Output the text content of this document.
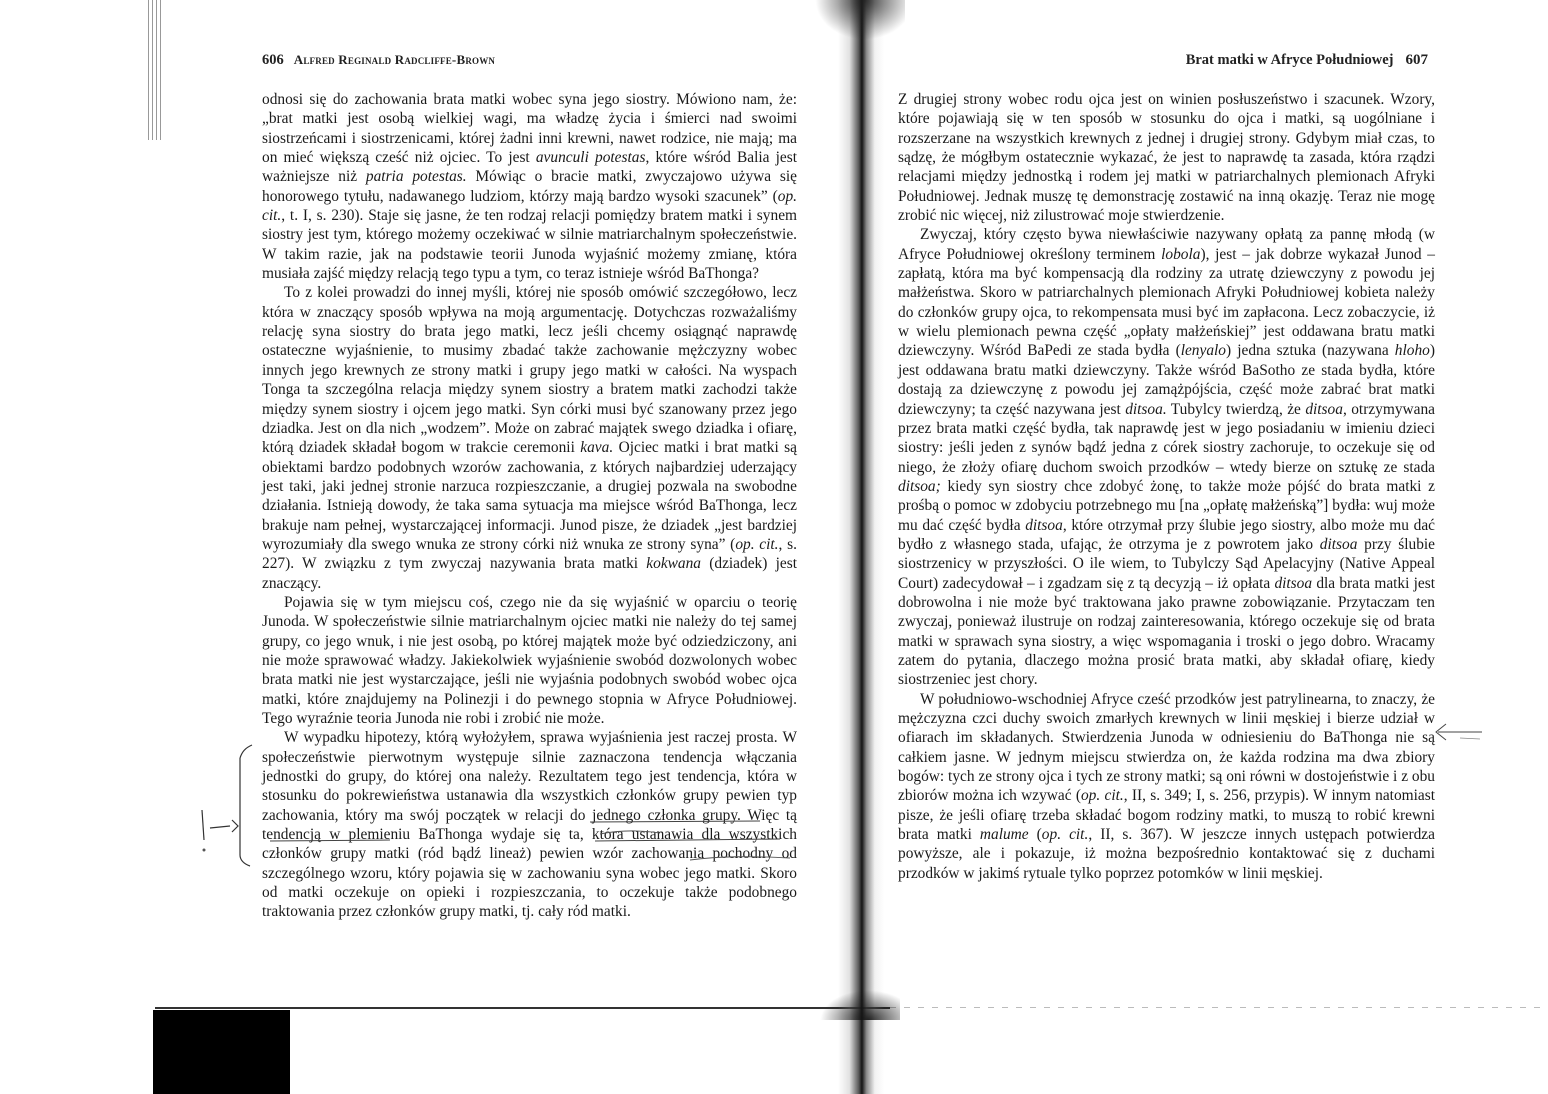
606 Alfred Reginald Radcliffe-Brown

odnosi się do zachowania brata matki wobec syna jego siostry. Mówiono nam, że: „brat matki jest osobą wielkiej wagi, ma władzę życia i śmierci nad swoimi siostrzeńcami i siostrzenicami, której żadni inni krewni, nawet rodzice, nie mają; ma on mieć większą cześć niż ojciec. To jest avunculi potestas, które wśród Balia jest ważniejsze niż patria potestas. Mówiąc o bracie matki, zwyczajowo używa się honorowego tytułu, nadawanego ludziom, którzy mają bardzo wysoki szacunek” (op. cit., t. I, s. 230). Staje się jasne, że ten rodzaj relacji pomiędzy bratem matki i synem siostry jest tym, którego możemy oczekiwać w silnie matriarchalnym społeczeństwie. W takim razie, jak na podstawie teorii Junoda wyjaśnić możemy zmianę, która musiała zajść między relacją tego typu a tym, co teraz istnieje wśród BaThonga?

To z kolei prowadzi do innej myśli, której nie sposób omówić szczegółowo, lecz która w znaczący sposób wpływa na moją argumentację. Dotychczas rozważaliśmy relację syna siostry do brata jego matki, lecz jeśli chcemy osiągnąć naprawdę ostateczne wyjaśnienie, to musimy zbadać także zachowanie mężczyzny wobec innych jego krewnych ze strony matki i grupy jego matki w całości. Na wyspach Tonga ta szczególna relacja między synem siostry a bratem matki zachodzi także między synem siostry i ojcem jego matki. Syn córki musi być szanowany przez jego dziadka. Jest on dla nich „wodzem”. Może on zabrać majątek swego dziadka i ofiarę, którą dziadek składał bogom w trakcie ceremonii kava. Ojciec matki i brat matki są obiektami bardzo podobnych wzorów zachowania, z których najbardziej uderzający jest taki, jaki jednej stronie narzuca rozpieszczanie, a drugiej pozwala na swobodne działania. Istnieją dowody, że taka sama sytuacja ma miejsce wśród BaThonga, lecz brakuje nam pełnej, wystarczającej informacji. Junod pisze, że dziadek „jest bardziej wyrozumiały dla swego wnuka ze strony córki niż wnuka ze strony syna” (op. cit., s. 227). W związku z tym zwyczaj nazywania brata matki kokwana (dziadek) jest znaczący.

Pojawia się w tym miejscu coś, czego nie da się wyjaśnić w oparciu o teorię Junoda. W społeczeństwie silnie matriarchalnym ojciec matki nie należy do tej samej grupy, co jego wnuk, i nie jest osobą, po której majątek może być odziedziczony, ani nie może sprawować władzy. Jakiekolwiek wyjaśnienie swobód dozwolonych wobec brata matki nie jest wystarczające, jeśli nie wyjaśnia podobnych swobód wobec ojca matki, które znajdujemy na Polinezji i do pewnego stopnia w Afryce Południowej. Tego wyraźnie teoria Junoda nie robi i zrobić nie może.

W wypadku hipotezy, którą wyłożyłem, sprawa wyjaśnienia jest raczej prosta. W społeczeństwie pierwotnym występuje silnie zaznaczona tendencja włączania jednostki do grupy, do której ona należy. Rezultatem tego jest tendencja, która w stosunku do pokrewieństwa ustanawia dla wszystkich członków grupy pewien typ zachowania, który ma swój początek w relacji do jednego członka grupy. Więc tą tendencją w plemieniu BaThonga wydaje się ta, która ustanawia dla wszystkich członków grupy matki (ród bądź lineaż) pewien wzór zachowania pochodny od szczególnego wzoru, który pojawia się w zachowaniu syna wobec jego matki. Skoro od matki oczekuje on opieki i rozpieszczania, to oczekuje także podobnego traktowania przez członków grupy matki, tj. cały ród matki.

Brat matki w Afryce Południowej 607

Z drugiej strony wobec rodu ojca jest on winien posłuszeństwo i szacunek. Wzory, które pojawiają się w ten sposób w stosunku do ojca i matki, są uogólniane i rozszerzane na wszystkich krewnych z jednej i drugiej strony. Gdybym miał czas, to sądzę, że mógłbym ostatecznie wykazać, że jest to naprawdę ta zasada, która rządzi relacjami między jednostką i rodem jej matki w patriarchalnych plemionach Afryki Południowej. Jednak muszę tę demonstrację zostawić na inną okazję. Teraz nie mogę zrobić nic więcej, niż zilustrować moje stwierdzenie.

Zwyczaj, który często bywa niewłaściwie nazywany opłatą za pannę młodą (w Afryce Południowej określony terminem lobola), jest – jak dobrze wykazał Junod – zapłatą, która ma być kompensacją dla rodziny za utratę dziewczyny z powodu jej małżeństwa. Skoro w patriarchalnych plemionach Afryki Południowej kobieta należy do członków grupy ojca, to rekompensata musi być im zapłacona. Lecz zobaczycie, iż w wielu plemionach pewna część „opłaty małżeńskiej” jest oddawana bratu matki dziewczyny. Wśród BaPedi ze stada bydła (lenyalo) jedna sztuka (nazywana hloho) jest oddawana bratu matki dziewczyny. Także wśród BaSotho ze stada bydła, które dostają za dziewczynę z powodu jej zamążpójścia, część może zabrać brat matki dziewczyny; ta część nazywana jest ditsoa. Tubylcy twierdzą, że ditsoa, otrzymywana przez brata matki część bydła, tak naprawdę jest w jego posiadaniu w imieniu dzieci siostry: jeśli jeden z synów bądź jedna z córek siostry zachoruje, to oczekuje się od niego, że złoży ofiarę duchom swoich przodków – wtedy bierze on sztukę ze stada ditsoa; kiedy syn siostry chce zdobyć żonę, to także może pójść do brata matki z prośbą o pomoc w zdobyciu potrzebnego mu [na „opłatę małżeńską”] bydła: wuj może mu dać część bydła ditsoa, które otrzymał przy ślubie jego siostry, albo może mu dać bydło z własnego stada, ufając, że otrzyma je z powrotem jako ditsoa przy ślubie siostrzenicy w przyszłości. O ile wiem, to Tubylczy Sąd Apelacyjny (Native Appeal Court) zadecydował – i zgadzam się z tą decyzją – iż opłata ditsoa dla brata matki jest dobrowolna i nie może być traktowana jako prawne zobowiązanie. Przytaczam ten zwyczaj, ponieważ ilustruje on rodzaj zainteresowania, którego oczekuje się od brata matki w sprawach syna siostry, a więc wspomagania i troski o jego dobro. Wracamy zatem do pytania, dlaczego można prosić brata matki, aby składał ofiarę, kiedy siostrzeniec jest chory.

W południowo-wschodniej Afryce cześć przodków jest patrylinearna, to znaczy, że mężczyzna czci duchy swoich zmarłych krewnych w linii męskiej i bierze udział w ofiarach im składanych. Stwierdzenia Junoda w odniesieniu do BaThonga nie są całkiem jasne. W jednym miejscu stwierdza on, że każda rodzina ma dwa zbiory bogów: tych ze strony ojca i tych ze strony matki; są oni równi w dostojeństwie i z obu zbiorów można ich wzywać (op. cit., II, s. 349; I, s. 256, przypis). W innym natomiast pisze, że jeśli ofiarę trzeba składać bogom rodziny matki, to muszą to robić krewni brata matki malume (op. cit., II, s. 367). W jeszcze innych ustępach potwierdza powyższe, ale i pokazuje, iż można bezpośrednio kontaktować się z duchami przodków w jakimś rytuale tylko poprzez potomków w linii męskiej.
